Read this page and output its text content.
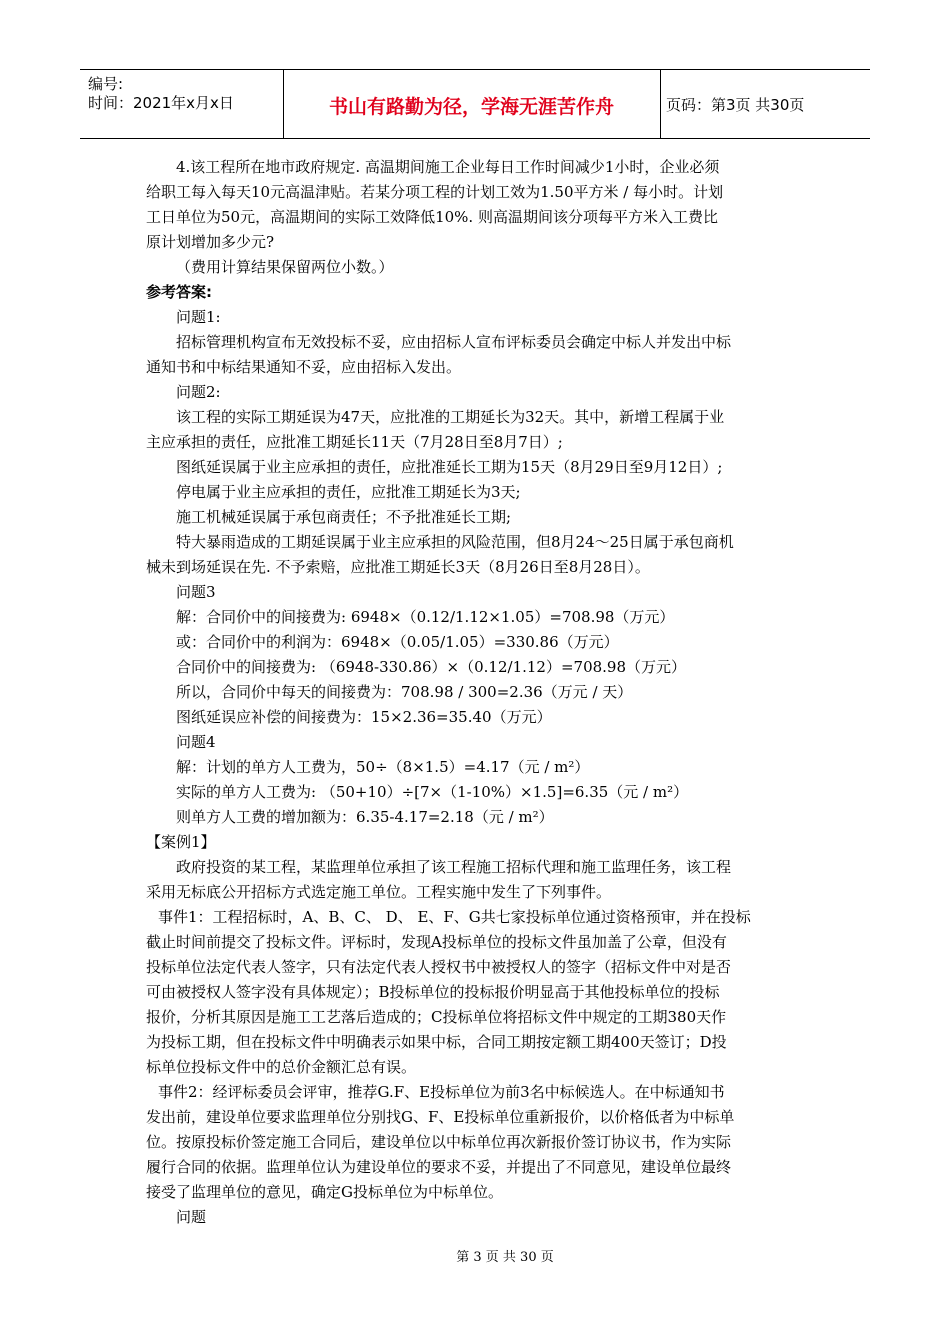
编号:
时间：2021年x月x日	书山有路勤为径，学海无涯苦作舟	页码：第3页 共30页
4.该工程所在地市政府规定. 高温期间施工企业每日工作时间减少1小时，企业必须
给职工每入每天10元高温津贴。若某分项工程的计划工效为1.50平方米 / 每小时。计划
工日单位为50元，高温期间的实际工效降低10%. 则高温期间该分项每平方米入工费比
原计划增加多少元?
（费用计算结果保留两位小数。）
参考答案:
问题1:
招标管理机构宣布无效投标不妥，应由招标人宣布评标委员会确定中标人并发出中标
通知书和中标结果通知不妥，应由招标入发出。
问题2:
该工程的实际工期延误为47天，应批准的工期延长为32天。其中，新增工程属于业
主应承担的责任，应批准工期延长11天（7月28日至8月7日）;
图纸延误属于业主应承担的责任，应批准延长工期为15天（8月29日至9月12日）;
停电属于业主应承担的责任，应批准工期延长为3天;
施工机械延误属于承包商责任；不予批准延长工期;
特大暴雨造成的工期延误属于业主应承担的风险范围，但8月24～25日属于承包商机
械未到场延误在先. 不予索赔，应批准工期延长3天（8月26日至8月28日）。
问题3
解：合同价中的间接费为: 6948×（0.12/1.12×1.05）=708.98（万元）
或：合同价中的利润为：6948×（0.05/1.05）=330.86（万元）
合同价中的间接费为: （6948-330.86）×（0.12/1.12）=708.98（万元）
所以，合同价中每天的间接费为：708.98 / 300=2.36（万元 / 天）
图纸延误应补偿的间接费为：15×2.36=35.40（万元）
问题4
解：计划的单方人工费为，50÷（8×1.5）=4.17（元 / m²）
实际的单方人工费为: （50+10）÷[7×（1-10%）×1.5]=6.35（元 / m²）
则单方人工费的增加额为：6.35-4.17=2.18（元 / m²）
【案例1】
政府投资的某工程，某监理单位承担了该工程施工招标代理和施工监理任务，该工程
采用无标底公开招标方式选定施工单位。工程实施中发生了下列事件。
事件1：工程招标时，A、B、C、 D、 E、F、G共七家投标单位通过资格预审，并在投标
截止时间前提交了投标文件。评标时，发现A投标单位的投标文件虽加盖了公章，但没有
投标单位法定代表人签字，只有法定代表人授权书中被授权人的签字（招标文件中对是否
可由被授权人签字没有具体规定）；B投标单位的投标报价明显高于其他投标单位的投标
报价，分析其原因是施工工艺落后造成的；C投标单位将招标文件中规定的工期380天作
为投标工期，但在投标文件中明确表示如果中标，合同工期按定额工期400天签订；D投
标单位投标文件中的总价金额汇总有误。
事件2：经评标委员会评审，推荐G.F、E投标单位为前3名中标候选人。在中标通知书
发出前，建设单位要求监理单位分别找G、F、E投标单位重新报价，以价格低者为中标单
位。按原投标价签定施工合同后，建设单位以中标单位再次新报价签订协议书，作为实际
履行合同的依据。监理单位认为建设单位的要求不妥，并提出了不同意见，建设单位最终
接受了监理单位的意见，确定G投标单位为中标单位。
问题
第 3 页 共 30 页
